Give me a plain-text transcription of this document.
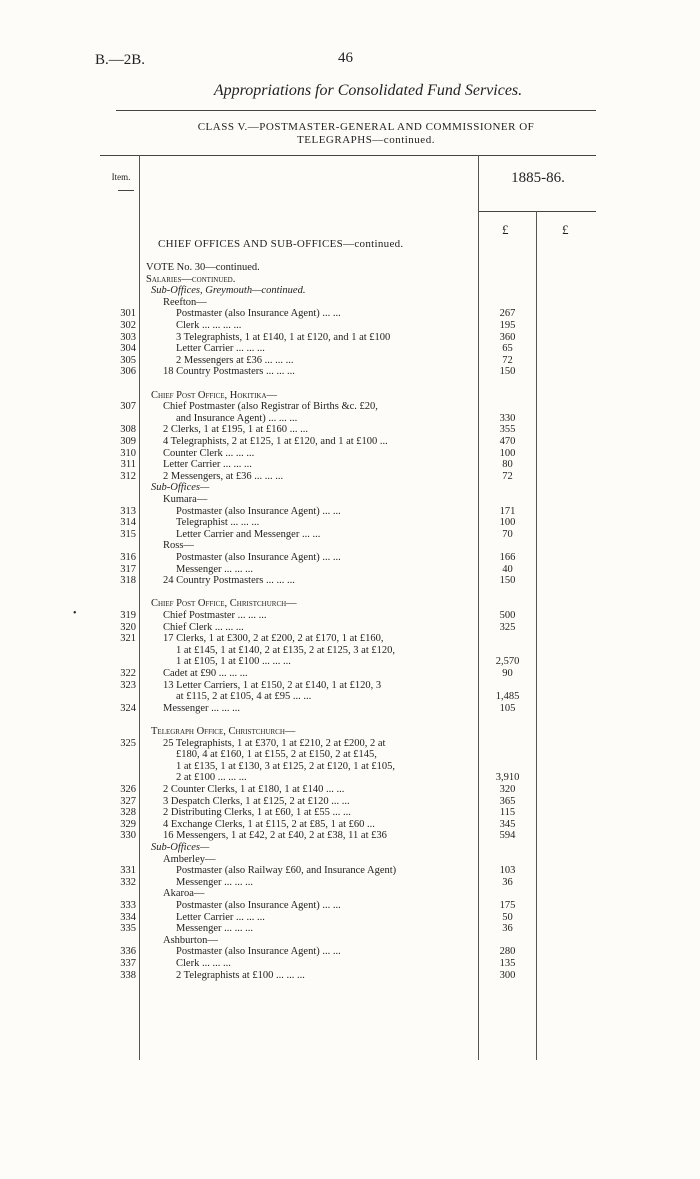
B.—2B.	46
Appropriations for Consolidated Fund Services.
CLASS V.—POSTMASTER-GENERAL AND COMMISSIONER OF
TELEGRAPHS—continued.
Item.	1885-86.
£	£
CHIEF OFFICES AND SUB-OFFICES—continued.
VOTE No. 30—continued.
Salaries—continued.
Sub-Offices, Greymouth—continued.
Reefton—
301	Postmaster (also Insurance Agent) ... ...	267
302	Clerk ... ... ... ...	195
303	3 Telegraphists, 1 at £140, 1 at £120, and 1 at £100	360
304	Letter Carrier ... ... ...	65
305	2 Messengers at £36 ... ... ...	72
306	18 Country Postmasters ... ... ...	150
Chief Post Office, Hokitika—
307	Chief Postmaster (also Registrar of Births &c. £20,
and Insurance Agent) ... ... ...	330
308	2 Clerks, 1 at £195, 1 at £160 ... ...	355
309	4 Telegraphists, 2 at £125, 1 at £120, and 1 at £100 ...	470
310	Counter Clerk ... ... ...	100
311	Letter Carrier ... ... ...	80
312	2 Messengers, at £36 ... ... ...	72
Sub-Offices—
Kumara—
313	Postmaster (also Insurance Agent) ... ...	171
314	Telegraphist ... ... ...	100
315	Letter Carrier and Messenger ... ...	70
Ross—
316	Postmaster (also Insurance Agent) ... ...	166
317	Messenger ... ... ...	40
318	24 Country Postmasters ... ... ...	150
Chief Post Office, Christchurch—
319	Chief Postmaster ... ... ...	500
320	Chief Clerk ... ... ...	325
321	17 Clerks, 1 at £300, 2 at £200, 2 at £170, 1 at £160,
1 at £145, 1 at £140, 2 at £135, 2 at £125, 3 at £120,
1 at £105, 1 at £100 ... ... ...	2,570
322	Cadet at £90 ... ... ...	90
323	13 Letter Carriers, 1 at £150, 2 at £140, 1 at £120, 3
at £115, 2 at £105, 4 at £95 ... ...	1,485
324	Messenger ... ... ...	105
Telegraph Office, Christchurch—
325	25 Telegraphists, 1 at £370, 1 at £210, 2 at £200, 2 at
£180, 4 at £160, 1 at £155, 2 at £150, 2 at £145,
1 at £135, 1 at £130, 3 at £125, 2 at £120, 1 at £105,
2 at £100 ... ... ...	3,910
326	2 Counter Clerks, 1 at £180, 1 at £140 ... ...	320
327	3 Despatch Clerks, 1 at £125, 2 at £120 ... ...	365
328	2 Distributing Clerks, 1 at £60, 1 at £55 ... ...	115
329	4 Exchange Clerks, 1 at £115, 2 at £85, 1 at £60 ...	345
330	16 Messengers, 1 at £42, 2 at £40, 2 at £38, 11 at £36	594
Sub-Offices—
Amberley—
331	Postmaster (also Railway £60, and Insurance Agent)	103
332	Messenger ... ... ...	36
Akaroa—
333	Postmaster (also Insurance Agent) ... ...	175
334	Letter Carrier ... ... ...	50
335	Messenger ... ... ...	36
Ashburton—
336	Postmaster (also Insurance Agent) ... ...	280
337	Clerk ... ... ...	135
338	2 Telegraphists at £100 ... ... ...	300
•
